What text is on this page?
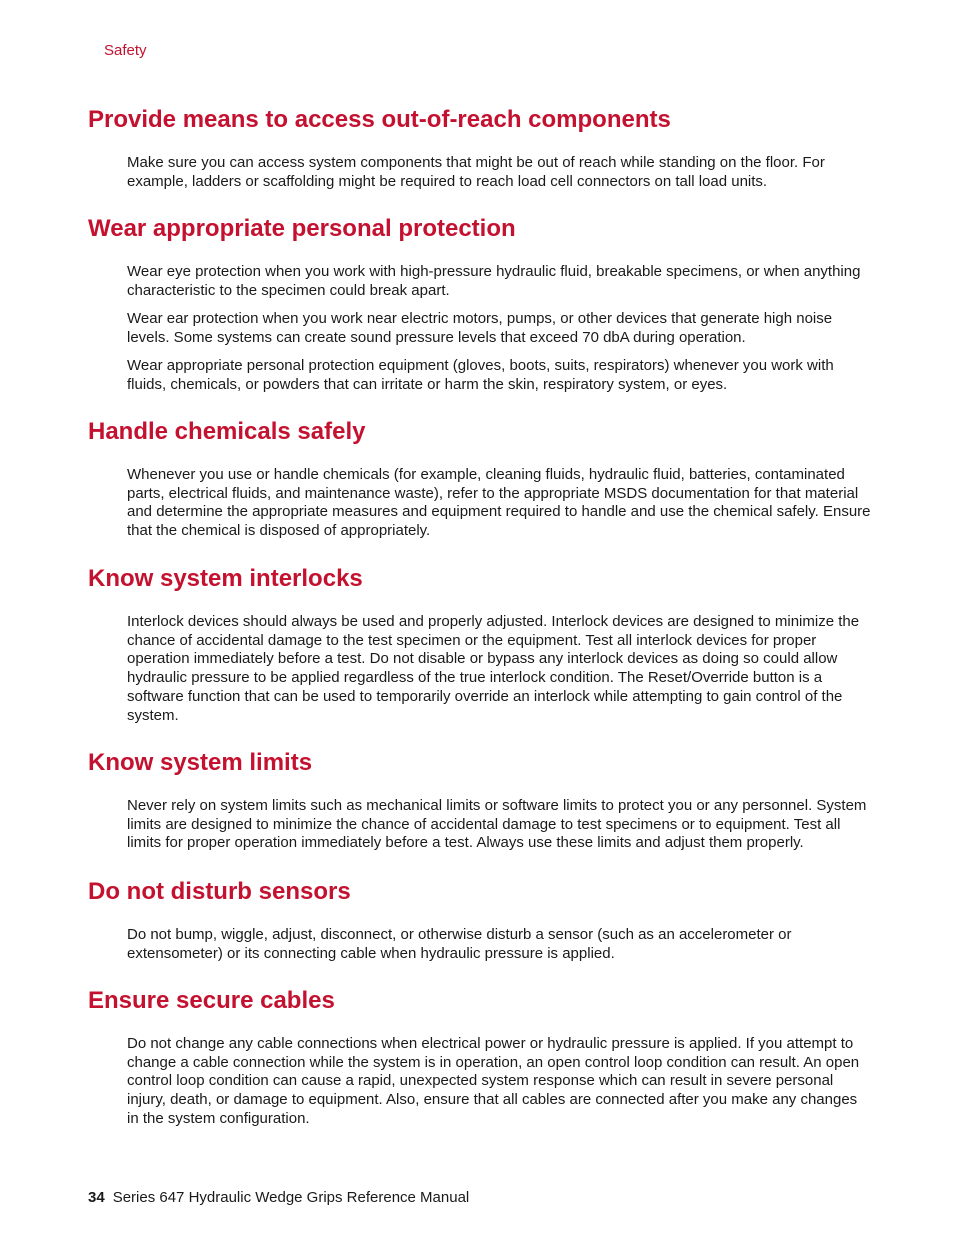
Safety
Provide means to access out-of-reach components

Make sure you can access system components that might be out of reach while standing on the floor. For example, ladders or scaffolding might be required to reach load cell connectors on tall load units.

Wear appropriate personal protection

Wear eye protection when you work with high-pressure hydraulic fluid, breakable specimens, or when anything characteristic to the specimen could break apart.

Wear ear protection when you work near electric motors, pumps, or other devices that generate high noise levels. Some systems can create sound pressure levels that exceed 70 dbA during operation.

Wear appropriate personal protection equipment (gloves, boots, suits, respirators) whenever you work with fluids, chemicals, or powders that can irritate or harm the skin, respiratory system, or eyes.

Handle chemicals safely

Whenever you use or handle chemicals (for example, cleaning fluids, hydraulic fluid, batteries, contaminated parts, electrical fluids, and maintenance waste), refer to the appropriate MSDS documentation for that material and determine the appropriate measures and equipment required to handle and use the chemical safely. Ensure that the chemical is disposed of appropriately.

Know system interlocks

Interlock devices should always be used and properly adjusted. Interlock devices are designed to minimize the chance of accidental damage to the test specimen or the equipment. Test all interlock devices for proper operation immediately before a test. Do not disable or bypass any interlock devices as doing so could allow hydraulic pressure to be applied regardless of the true interlock condition. The Reset/Override button is a software function that can be used to temporarily override an interlock while attempting to gain control of the system.

Know system limits

Never rely on system limits such as mechanical limits or software limits to protect you or any personnel. System limits are designed to minimize the chance of accidental damage to test specimens or to equipment. Test all limits for proper operation immediately before a test. Always use these limits and adjust them properly.

Do not disturb sensors

Do not bump, wiggle, adjust, disconnect, or otherwise disturb a sensor (such as an accelerometer or extensometer) or its connecting cable when hydraulic pressure is applied.

Ensure secure cables

Do not change any cable connections when electrical power or hydraulic pressure is applied. If you attempt to change a cable connection while the system is in operation, an open control loop condition can result. An open control loop condition can cause a rapid, unexpected system response which can result in severe personal injury, death, or damage to equipment. Also, ensure that all cables are connected after you make any changes in the system configuration.

34 Series 647 Hydraulic Wedge Grips Reference Manual
